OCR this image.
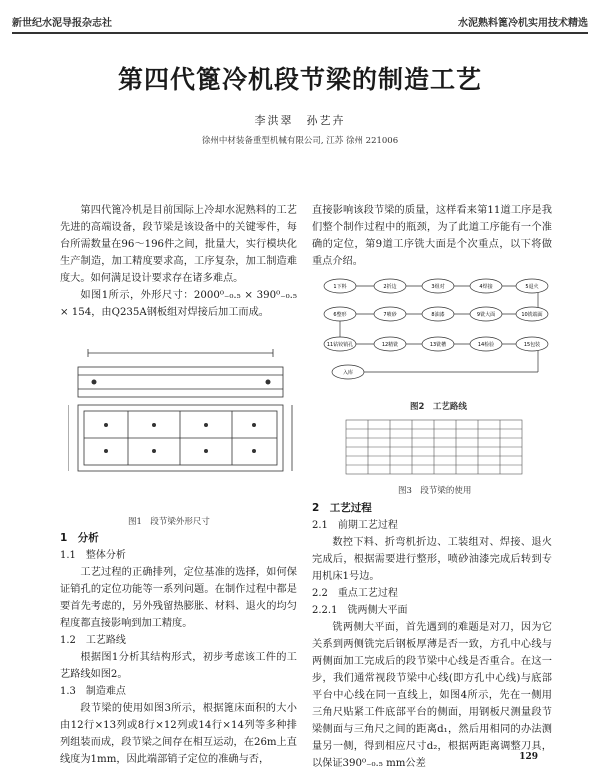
新世纪水泥导报杂志社	水泥熟料篦冷机实用技术精选
第四代篦冷机段节梁的制造工艺
李洪翠　孙艺卉
徐州中材装备重型机械有限公司, 江苏 徐州 221006

第四代篦冷机是目前国际上冷却水泥熟料的工艺先进的高端设备，段节梁是该设备中的关键零件，每台所需数量在96～196件之间，批量大，实行模块化生产制造，加工精度要求高，工序复杂，加工制造难度大。如何满足设计要求存在诸多难点。

如图1所示，外形尺寸：2000⁰₋₀.₅ × 390⁰₋₀.₅ × 154，由Q235A钢板组对焊接后加工而成。

图1　段节梁外形尺寸

1　分析

1.1　整体分析

工艺过程的正确排列，定位基准的选择，如何保证销孔的定位功能等一系列问题。在制作过程中都是要首先考虑的，另外残留热膨胀、材料、退火的均匀程度都直接影响到加工精度。

1.2　工艺路线

根据图1分析其结构形式，初步考虑该工件的工艺路线如图2。

1.3　制造难点

段节梁的使用如图3所示，根据篦床面积的大小由12行×13列或8行×12列或14行×14列等多种排列组装而成，段节梁之间存在相互运动，在26m上直线度为1mm，因此端部销子定位的准确与否，

直接影响该段节梁的质量，这样看来第11道工序是我们整个制作过程中的瓶颈，为了此道工序能有一个准确的定位，第9道工序铣大面是个次重点，以下将做重点介绍。

1下料	2折边	3组对	4焊接	5退火
6整形	7喷砂	8油漆	9铣大面	10铣端面
11钻铰销孔	12精铣	13铣槽	14检验	15包装
入库
图2　工艺路线
图3　段节梁的使用

2　工艺过程

2.1　前期工艺过程

数控下料、折弯机折边、工装组对、焊接、退火完成后，根据需要进行整形，喷砂油漆完成后转到专用机床1号边。

2.2　重点工艺过程

2.2.1　铣两侧大平面

铣两侧大平面，首先遇到的难题是对刀，因为它关系到两侧铣完后钢板厚薄是否一致，方孔中心线与两侧面加工完成后的段节梁中心线是否重合。在这一步，我们通常视段节梁中心线(即方孔中心线)与底部平台中心线在同一直线上，如图4所示，先在一侧用三角尺贴紧工件底部平台的侧面，用钢板尺测量段节梁侧面与三角尺之间的距离d₁，然后用相同的办法测量另一侧，得到相应尺寸d₂，根据两距离调整刀具，以保证390⁰₋₀.₅ mm公差

129
